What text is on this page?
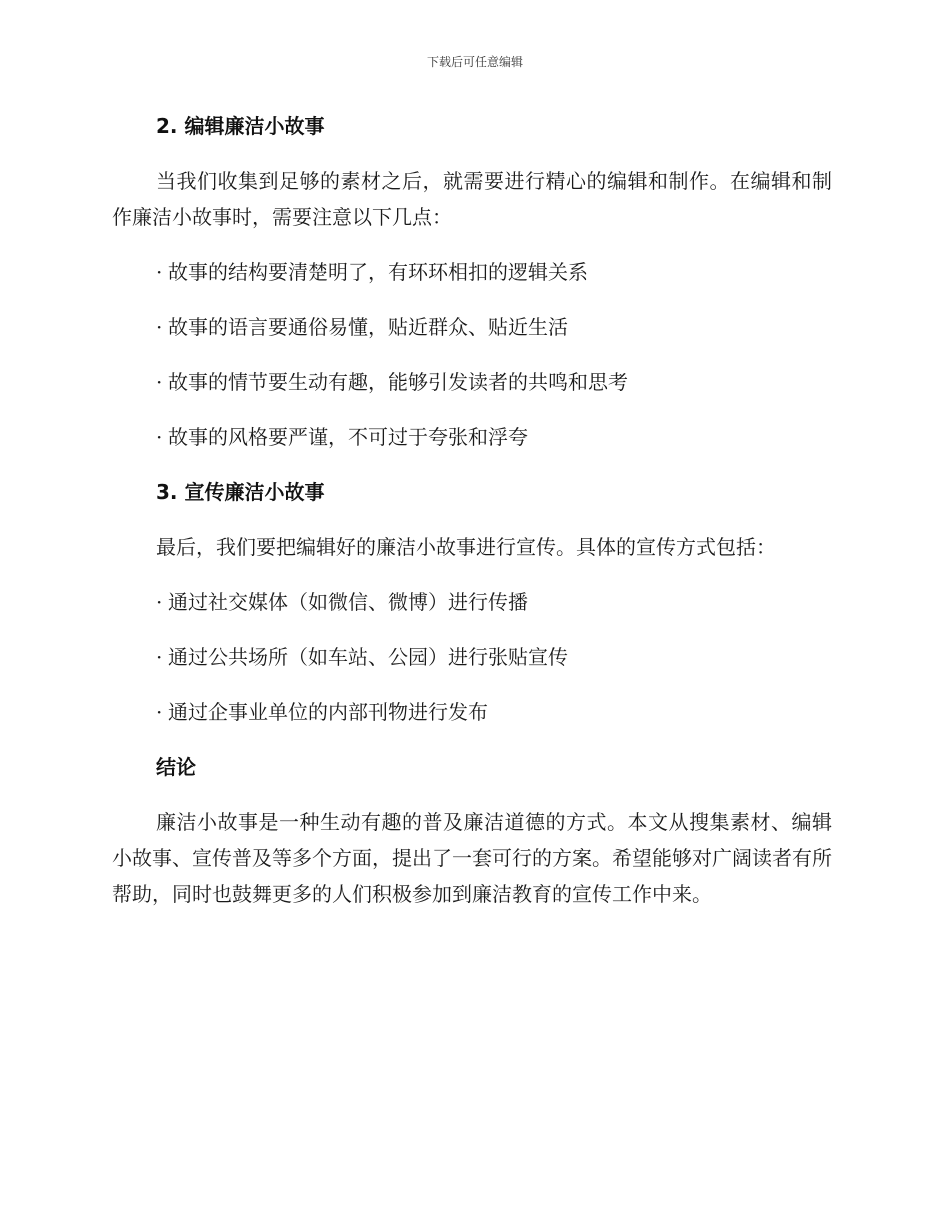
下载后可任意编辑
2. 编辑廉洁小故事

当我们收集到足够的素材之后，就需要进行精心的编辑和制作。在编辑和制作廉洁小故事时，需要注意以下几点：

· 故事的结构要清楚明了，有环环相扣的逻辑关系
· 故事的语言要通俗易懂，贴近群众、贴近生活
· 故事的情节要生动有趣，能够引发读者的共鸣和思考
· 故事的风格要严谨，不可过于夸张和浮夸
3. 宣传廉洁小故事
最后，我们要把编辑好的廉洁小故事进行宣传。具体的宣传方式包括：
· 通过社交媒体（如微信、微博）进行传播
· 通过公共场所（如车站、公园）进行张贴宣传
· 通过企事业单位的内部刊物进行发布
结论

廉洁小故事是一种生动有趣的普及廉洁道德的方式。本文从搜集素材、编辑小故事、宣传普及等多个方面，提出了一套可行的方案。希望能够对广阔读者有所帮助，同时也鼓舞更多的人们积极参加到廉洁教育的宣传工作中来。
